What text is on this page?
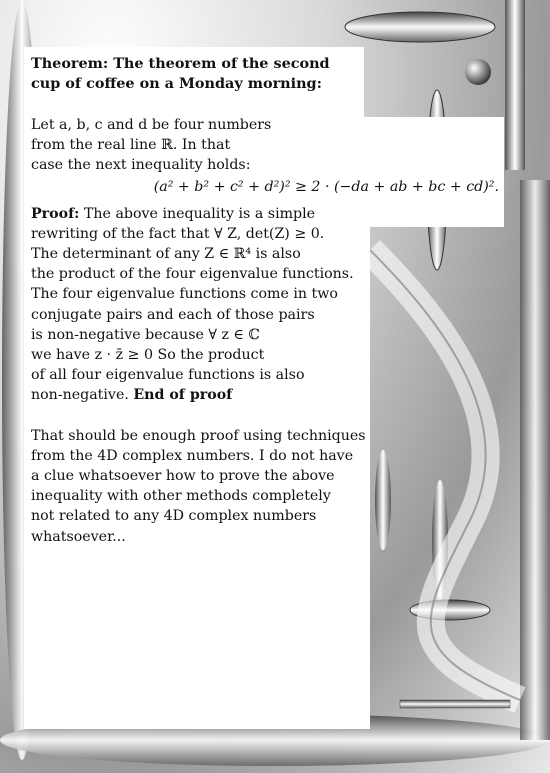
Theorem: The theorem of the second cup of coffee on a Monday morning:

Let a, b, c and d be four numbers
from the real line ℝ. In that
case the next inequality holds:

(a² + b² + c² + d²)² ≥ 2 · (−da + ab + bc + cd)².

Proof: The above inequality is a simple
rewriting of the fact that ∀ Z, det(Z) ≥ 0.
The determinant of any Z ∈ ℝ⁴ is also
the product of the four eigenvalue functions.
The four eigenvalue functions come in two
conjugate pairs and each of those pairs
is non-negative because ∀ z ∈ ℂ
we have z · z̄ ≥ 0 So the product
of all four eigenvalue functions is also
non-negative. End of proof

That should be enough proof using techniques
from the 4D complex numbers. I do not have
a clue whatsoever how to prove the above
inequality with other methods completely
not related to any 4D complex numbers
whatsoever...
